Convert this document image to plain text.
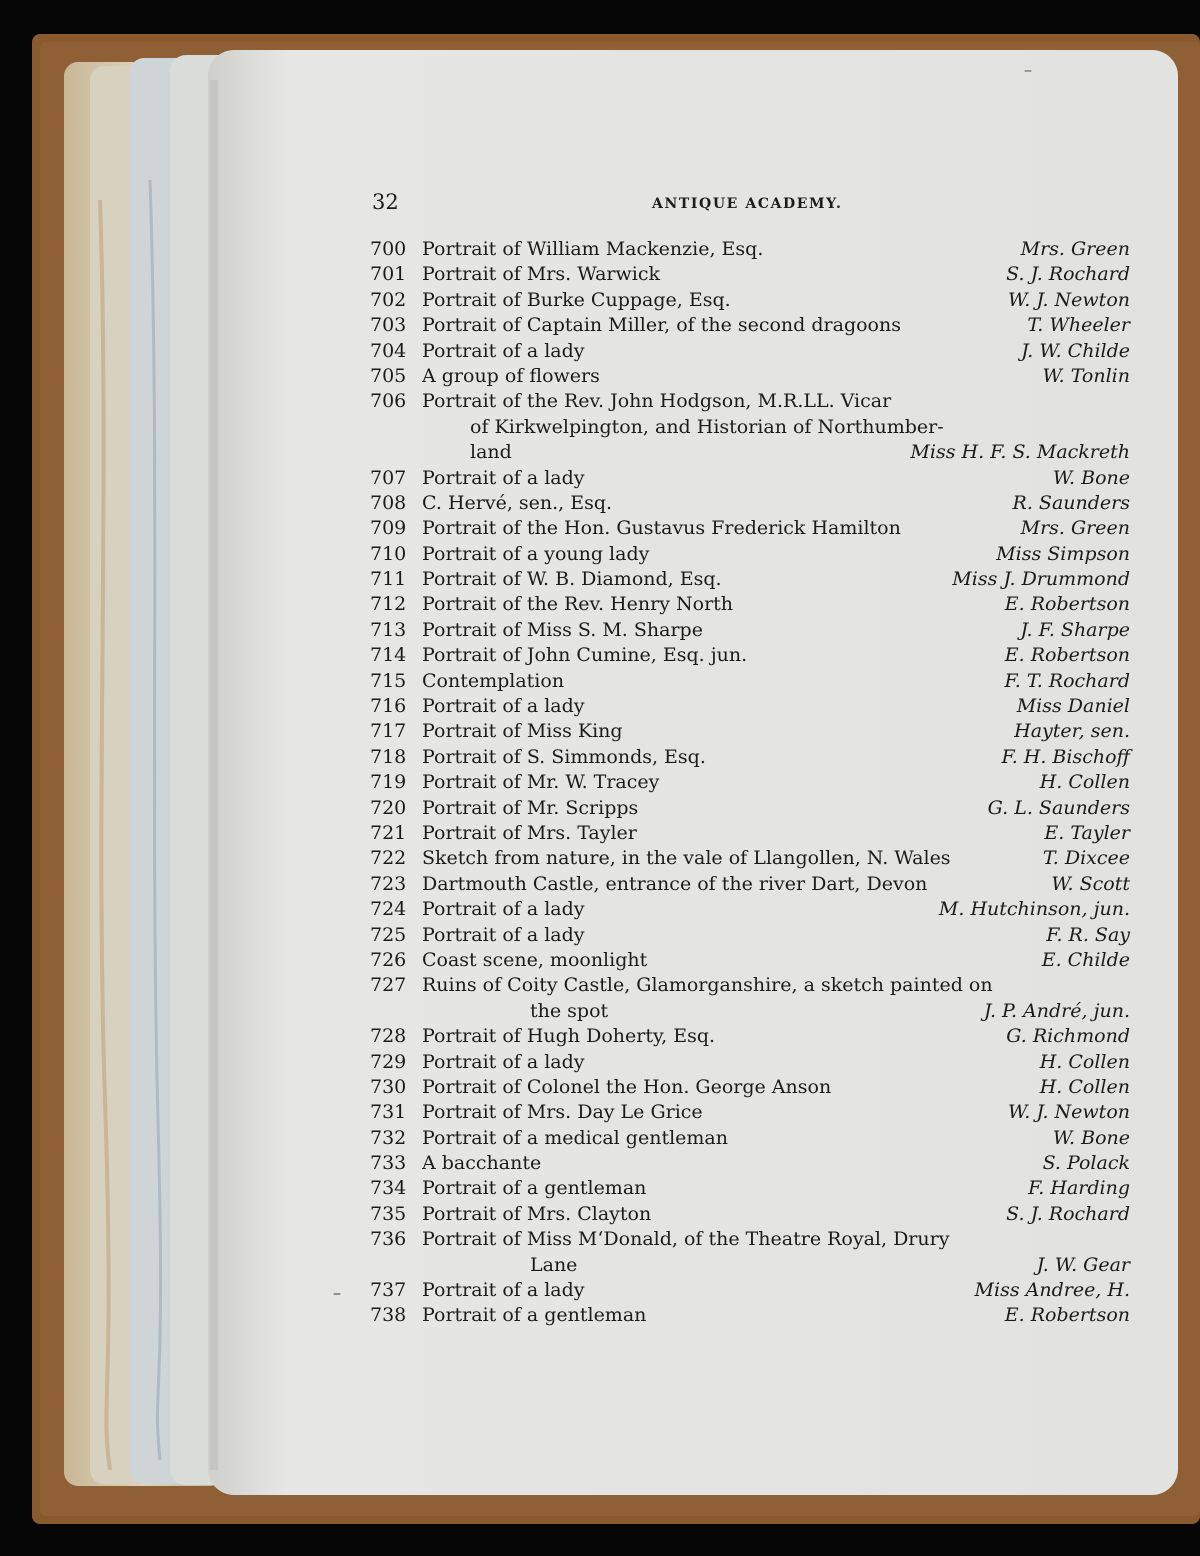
–
32	ANTIQUE ACADEMY.
700 Portrait of William Mackenzie, Esq.	Mrs. Green
701 Portrait of Mrs. Warwick	S. J. Rochard
702 Portrait of Burke Cuppage, Esq.	W. J. Newton
703 Portrait of Captain Miller, of the second dragoons	T. Wheeler
704 Portrait of a lady	J. W. Childe
705 A group of flowers	W. Tonlin
706 Portrait of the Rev. John Hodgson, M.R.LL. Vicar
of Kirkwelpington, and Historian of Northumber-
land	Miss H. F. S. Mackreth
707 Portrait of a lady	W. Bone
708 C. Hervé, sen., Esq.	R. Saunders
709 Portrait of the Hon. Gustavus Frederick Hamilton	Mrs. Green
710 Portrait of a young lady	Miss Simpson
711 Portrait of W. B. Diamond, Esq.	Miss J. Drummond
712 Portrait of the Rev. Henry North	E. Robertson
713 Portrait of Miss S. M. Sharpe	J. F. Sharpe
714 Portrait of John Cumine, Esq. jun.	E. Robertson
715 Contemplation	F. T. Rochard
716 Portrait of a lady	Miss Daniel
717 Portrait of Miss King	Hayter, sen.
718 Portrait of S. Simmonds, Esq.	F. H. Bischoff
719 Portrait of Mr. W. Tracey	H. Collen
720 Portrait of Mr. Scripps	G. L. Saunders
721 Portrait of Mrs. Tayler	E. Tayler
722 Sketch from nature, in the vale of Llangollen, N. Wales	T. Dixcee
723 Dartmouth Castle, entrance of the river Dart, Devon	W. Scott
724 Portrait of a lady	M. Hutchinson, jun.
725 Portrait of a lady	F. R. Say
726 Coast scene, moonlight	E. Childe
727 Ruins of Coity Castle, Glamorganshire, a sketch painted on
the spot	J. P. André, jun.
728 Portrait of Hugh Doherty, Esq.	G. Richmond
729 Portrait of a lady	H. Collen
730 Portrait of Colonel the Hon. George Anson	H. Collen
731 Portrait of Mrs. Day Le Grice	W. J. Newton
732 Portrait of a medical gentleman	W. Bone
733 A bacchante	S. Polack
734 Portrait of a gentleman	F. Harding
735 Portrait of Mrs. Clayton	S. J. Rochard
736 Portrait of Miss M‘Donald, of the Theatre Royal, Drury
Lane	J. W. Gear
737 Portrait of a lady	Miss Andree, H.
738 Portrait of a gentleman	E. Robertson
–
